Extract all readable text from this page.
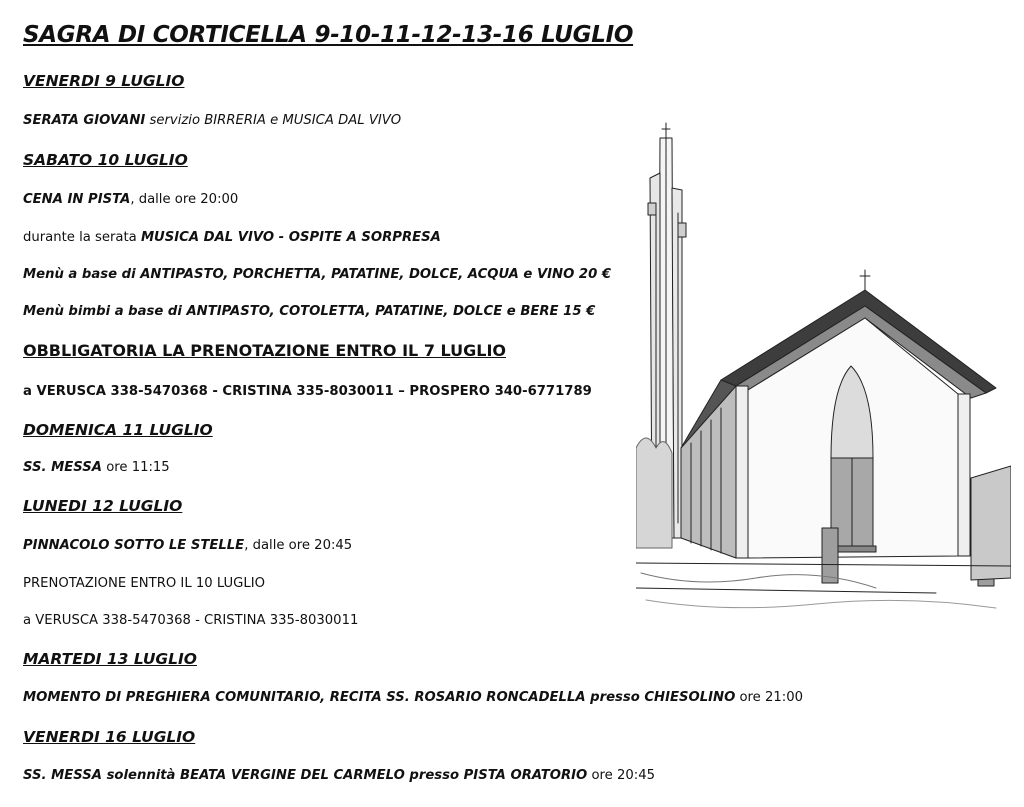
SAGRA DI CORTICELLA 9-10-11-12-13-16 LUGLIO
VENERDI 9 LUGLIO
SERATA GIOVANI servizio BIRRERIA e MUSICA DAL VIVO
SABATO 10 LUGLIO
CENA IN PISTA, dalle ore 20:00
durante la serata MUSICA DAL VIVO - OSPITE A SORPRESA
Menù a base di ANTIPASTO, PORCHETTA, PATATINE, DOLCE, ACQUA e VINO 20 €
Menù bimbi a base di ANTIPASTO, COTOLETTA, PATATINE, DOLCE e BERE 15 €
OBBLIGATORIA LA PRENOTAZIONE ENTRO IL 7 LUGLIO
a VERUSCA 338-5470368 - CRISTINA 335-8030011 – PROSPERO 340-6771789
DOMENICA 11 LUGLIO
SS. MESSA ore 11:15
LUNEDI 12 LUGLIO
PINNACOLO SOTTO LE STELLE, dalle ore 20:45
PRENOTAZIONE ENTRO IL 10 LUGLIO
a VERUSCA 338-5470368 - CRISTINA 335-8030011
MARTEDI 13 LUGLIO
MOMENTO DI PREGHIERA COMUNITARIO, RECITA SS. ROSARIO RONCADELLA presso CHIESOLINO ore 21:00
VENERDI 16 LUGLIO
SS. MESSA solennità BEATA VERGINE DEL CARMELO presso PISTA ORATORIO ore 20:45
